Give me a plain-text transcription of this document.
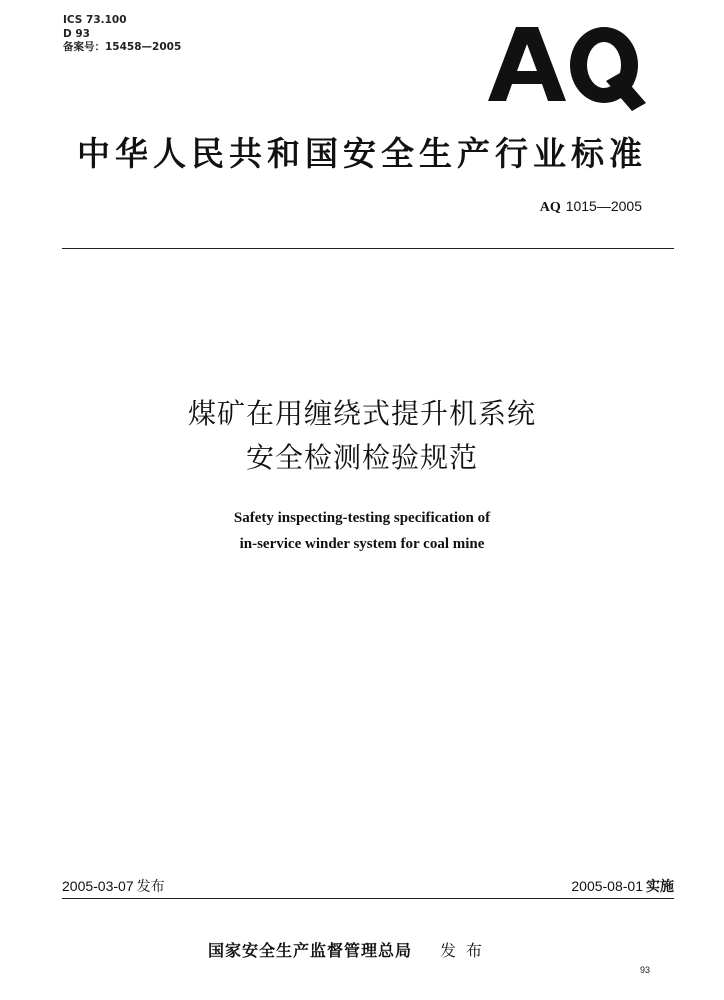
ICS 73.100
D 93
备案号：15458—2005
中华人民共和国安全生产行业标准
AQ 1015—2005
煤矿在用缠绕式提升机系统
安全检测检验规范
Safety inspecting-testing specification of
in-service winder system for coal mine
2005-03-07 发布	2005-08-01 实施
国家安全生产监督管理总局 发布
93
